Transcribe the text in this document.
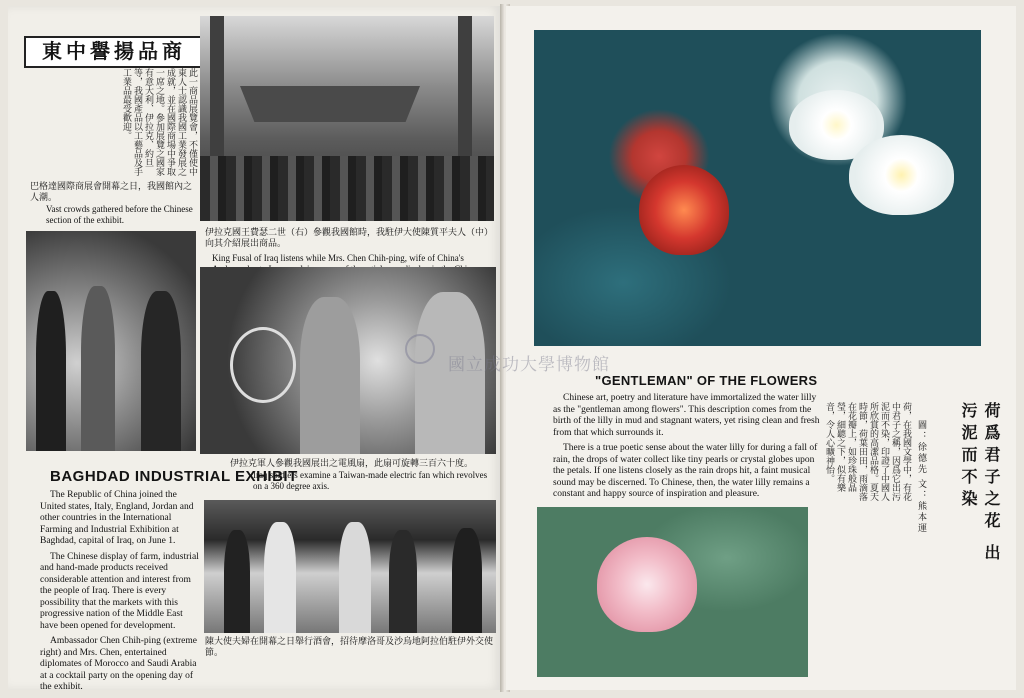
東中譽揚品商
此一商品展覽會，不僅使中東人士認識我國工業發展之成就，並在國際商場中爭取一席之地。參加展覽之國家有意大利、伊拉克、約旦等，我國產品以工藝品及手工業品最受歡迎。
巴格達國際商展會開幕之日，我國館內之人潮。
Vast crowds gathered before the Chinese section of the exhibit.
伊拉克國王費瑟二世（右）參觀我國館時，我駐伊大使陳質平夫人（中）向其介紹展出商品。
King Fusal of Iraq listens while Mrs. Chen Chih-ping, wife of China's
伊拉克軍人參觀我國展出之電風扇，此扇可旋轉三百六十度。
Iraq soldiers examine a Taiwan-made electric fan which revolves on a 360 degree axis.
BAGHDAD INDUSTRIAL EXHIBIT

The Republic of China joined the United states, Italy, England, Jordan and other countries in the International Farming and Industrial Exhibition at Baghdad, capital of Iraq, on June 1.

The Chinese display of farm, industrial and hand-made products received considerable attention and interest from the people of Iraq. There is every possibility that the markets with this progressive nation of the Middle East have been opened for development.

Ambassador Chen Chih-ping (extreme right) and Mrs. Chen, entertained diplomates of Morocco and Saudi Arabia at a cocktail party on the opening day of the exhibit.

陳大使夫婦在開幕之日舉行酒會，招待摩洛哥及沙烏地阿拉伯駐伊外交使節。
國立成功大學博物館
"GENTLEMAN" OF THE FLOWERS

Chinese art, poetry and literature have immortalized the water lilly as the "gentleman among flowers". This description comes from the birth of the lilly in mud and stagnant waters, yet rising clean and fresh from that which surrounds it.

There is a true poetic sense about the water lilly for during a fall of rain, the drops of water collect like tiny pearls or crystal globes upon the petals. If one listens closely as the rain drops hit, a faint musical sound may be discerned. To Chinese, then, the water lilly remains a constant and happy source of inspiration and pleasure.	荷，在我國文學中，有花中君子之稱，因爲它出污泥而不染，印證了中國人所欣賞的高潔品格。夏天時節，荷葉田田，雨滴落在花瓣上，如珍珠般晶瑩，細聽之下，似有樂音，令人心曠神怡。	圖：徐德先 文：熊本運	荷爲君子之花 出污泥而不染
